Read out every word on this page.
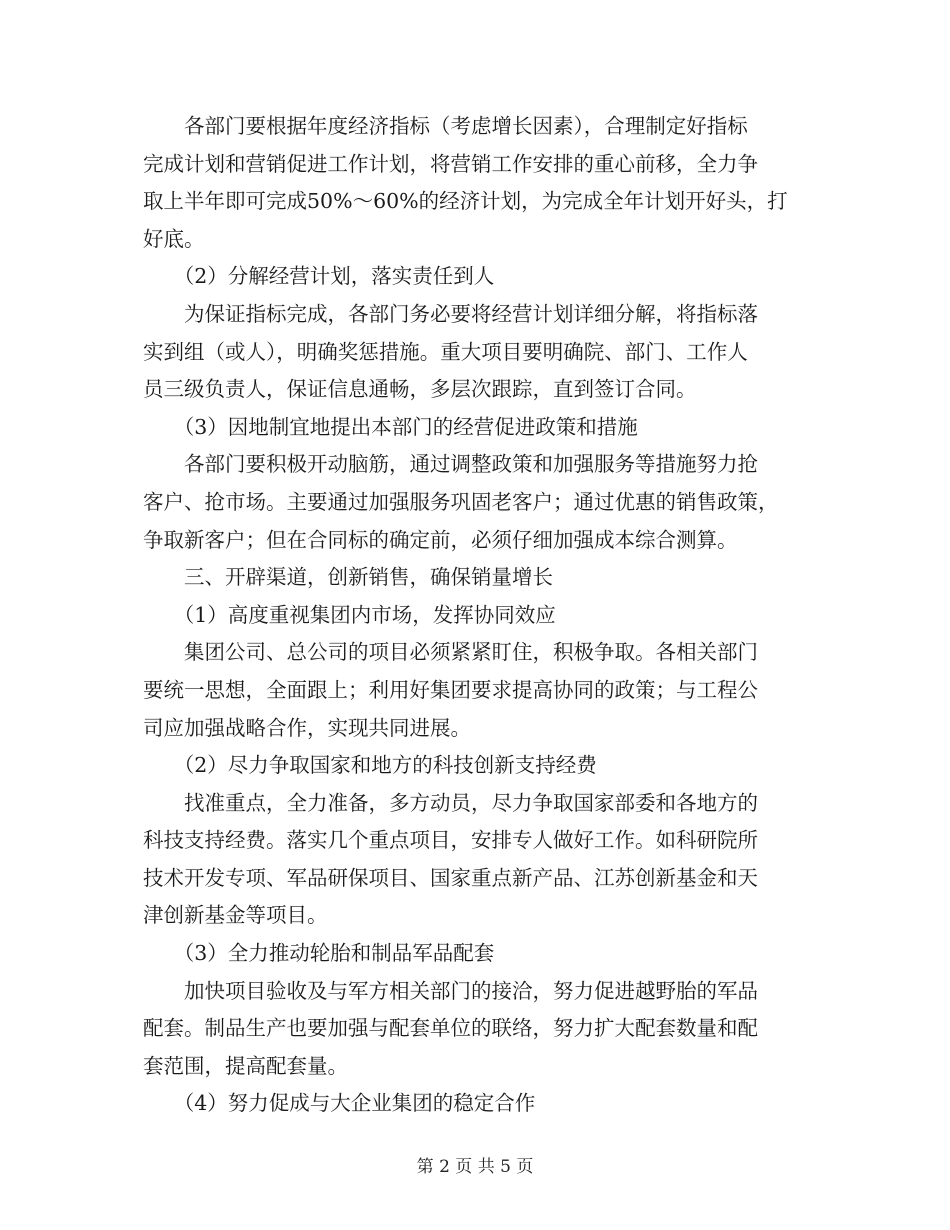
　　各部门要根据年度经济指标（考虑增长因素），合理制定好指标
完成计划和营销促进工作计划，将营销工作安排的重心前移，全力争
取上半年即可完成50%～60%的经济计划，为完成全年计划开好头，打
好底。
　　（2）分解经营计划，落实责任到人
　　为保证指标完成，各部门务必要将经营计划详细分解，将指标落
实到组（或人），明确奖惩措施。重大项目要明确院、部门、工作人
员三级负责人，保证信息通畅，多层次跟踪，直到签订合同。
　　（3）因地制宜地提出本部门的经营促进政策和措施
　　各部门要积极开动脑筋，通过调整政策和加强服务等措施努力抢
客户、抢市场。主要通过加强服务巩固老客户；通过优惠的销售政策，
争取新客户；但在合同标的确定前，必须仔细加强成本综合测算。
　　三、开辟渠道，创新销售，确保销量增长
　　（1）高度重视集团内市场，发挥协同效应
　　集团公司、总公司的项目必须紧紧盯住，积极争取。各相关部门
要统一思想，全面跟上；利用好集团要求提高协同的政策；与工程公
司应加强战略合作，实现共同进展。
　　（2）尽力争取国家和地方的科技创新支持经费
　　找准重点，全力准备，多方动员，尽力争取国家部委和各地方的
科技支持经费。落实几个重点项目，安排专人做好工作。如科研院所
技术开发专项、军品研保项目、国家重点新产品、江苏创新基金和天
津创新基金等项目。
　　（3）全力推动轮胎和制品军品配套
　　加快项目验收及与军方相关部门的接洽，努力促进越野胎的军品
配套。制品生产也要加强与配套单位的联络，努力扩大配套数量和配
套范围，提高配套量。
　　（4）努力促成与大企业集团的稳定合作
第 2 页 共 5 页
